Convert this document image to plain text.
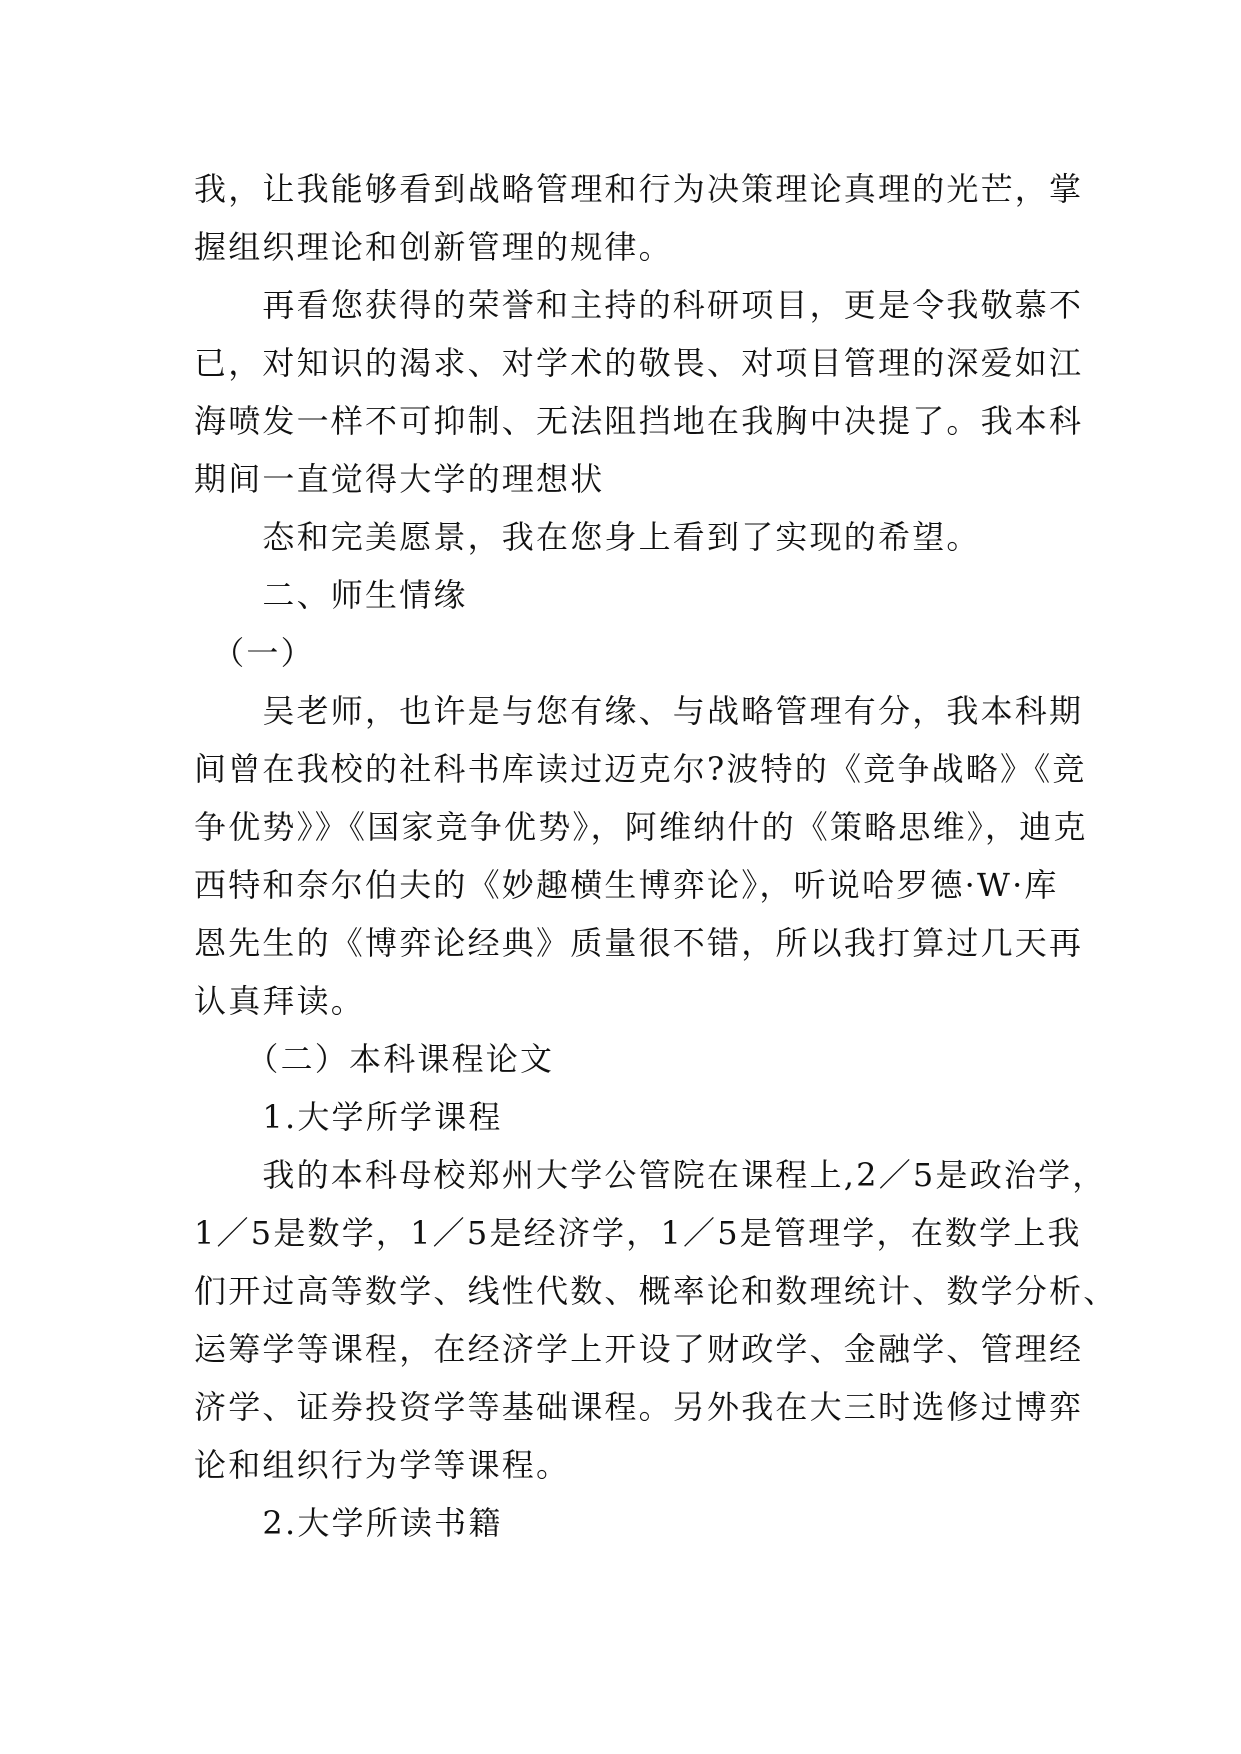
我，让我能够看到战略管理和行为决策理论真理的光芒，掌
握组织理论和创新管理的规律。
　　再看您获得的荣誉和主持的科研项目，更是令我敬慕不
已，对知识的渴求、对学术的敬畏、对项目管理的深爱如江
海喷发一样不可抑制、无法阻挡地在我胸中决提了。我本科
期间一直觉得大学的理想状
　　态和完美愿景，我在您身上看到了实现的希望。
　　二、师生情缘
　（一）
　　吴老师，也许是与您有缘、与战略管理有分，我本科期
间曾在我校的社科书库读过迈克尔?波特的《竞争战略》《竞
争优势》》《国家竞争优势》，阿维纳什的《策略思维》，迪克
西特和奈尔伯夫的《妙趣横生博弈论》，听说哈罗德·W·库
恩先生的《博弈论经典》质量很不错，所以我打算过几天再
认真拜读。
　　（二）本科课程论文
　　1.大学所学课程
　　我的本科母校郑州大学公管院在课程上,2／5是政治学，
1／5是数学，1／5是经济学，1／5是管理学，在数学上我
们开过高等数学、线性代数、概率论和数理统计、数学分析、
运筹学等课程，在经济学上开设了财政学、金融学、管理经
济学、证券投资学等基础课程。另外我在大三时选修过博弈
论和组织行为学等课程。
　　2.大学所读书籍
